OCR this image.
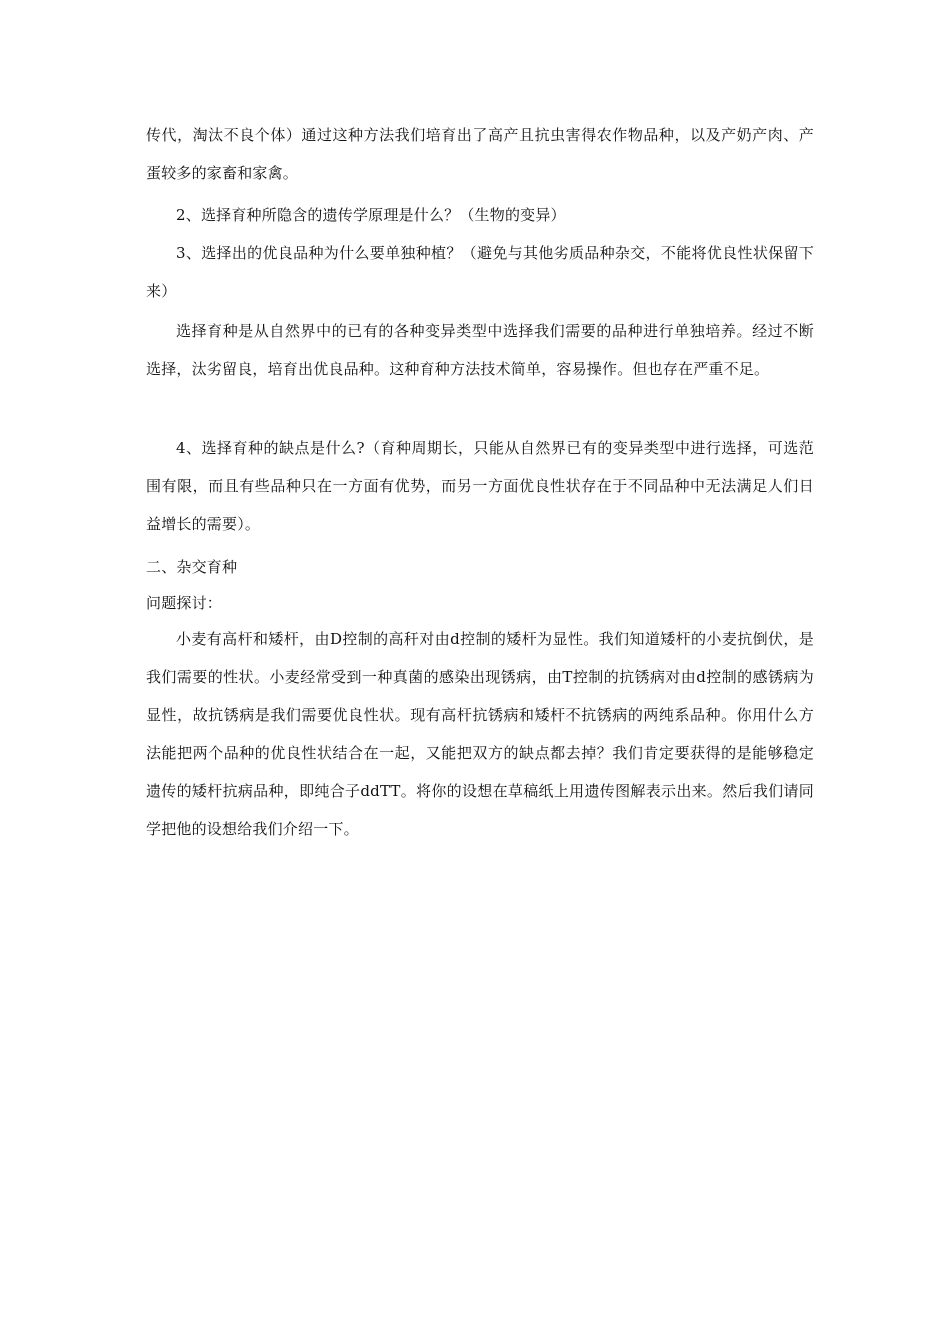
传代，淘汰不良个体）通过这种方法我们培育出了高产且抗虫害得农作物品种，以及产奶产肉、产蛋较多的家畜和家禽。

2、选择育种所隐含的遗传学原理是什么？（生物的变异）

3、选择出的优良品种为什么要单独种植？（避免与其他劣质品种杂交，不能将优良性状保留下来）

选择育种是从自然界中的已有的各种变异类型中选择我们需要的品种进行单独培养。经过不断选择，汰劣留良，培育出优良品种。这种育种方法技术简单，容易操作。但也存在严重不足。

4、选择育种的缺点是什么?（育种周期长，只能从自然界已有的变异类型中进行选择，可选范围有限，而且有些品种只在一方面有优势，而另一方面优良性状存在于不同品种中无法满足人们日益增长的需要）。

二、杂交育种

问题探讨：

小麦有高杆和矮杆，由D控制的高秆对由d控制的矮杆为显性。我们知道矮杆的小麦抗倒伏，是我们需要的性状。小麦经常受到一种真菌的感染出现锈病，由T控制的抗锈病对由d控制的感锈病为显性，故抗锈病是我们需要优良性状。现有高杆抗锈病和矮杆不抗锈病的两纯系品种。你用什么方法能把两个品种的优良性状结合在一起，又能把双方的缺点都去掉？我们肯定要获得的是能够稳定遗传的矮杆抗病品种，即纯合子ddTT。将你的设想在草稿纸上用遗传图解表示出来。然后我们请同学把他的设想给我们介绍一下。
